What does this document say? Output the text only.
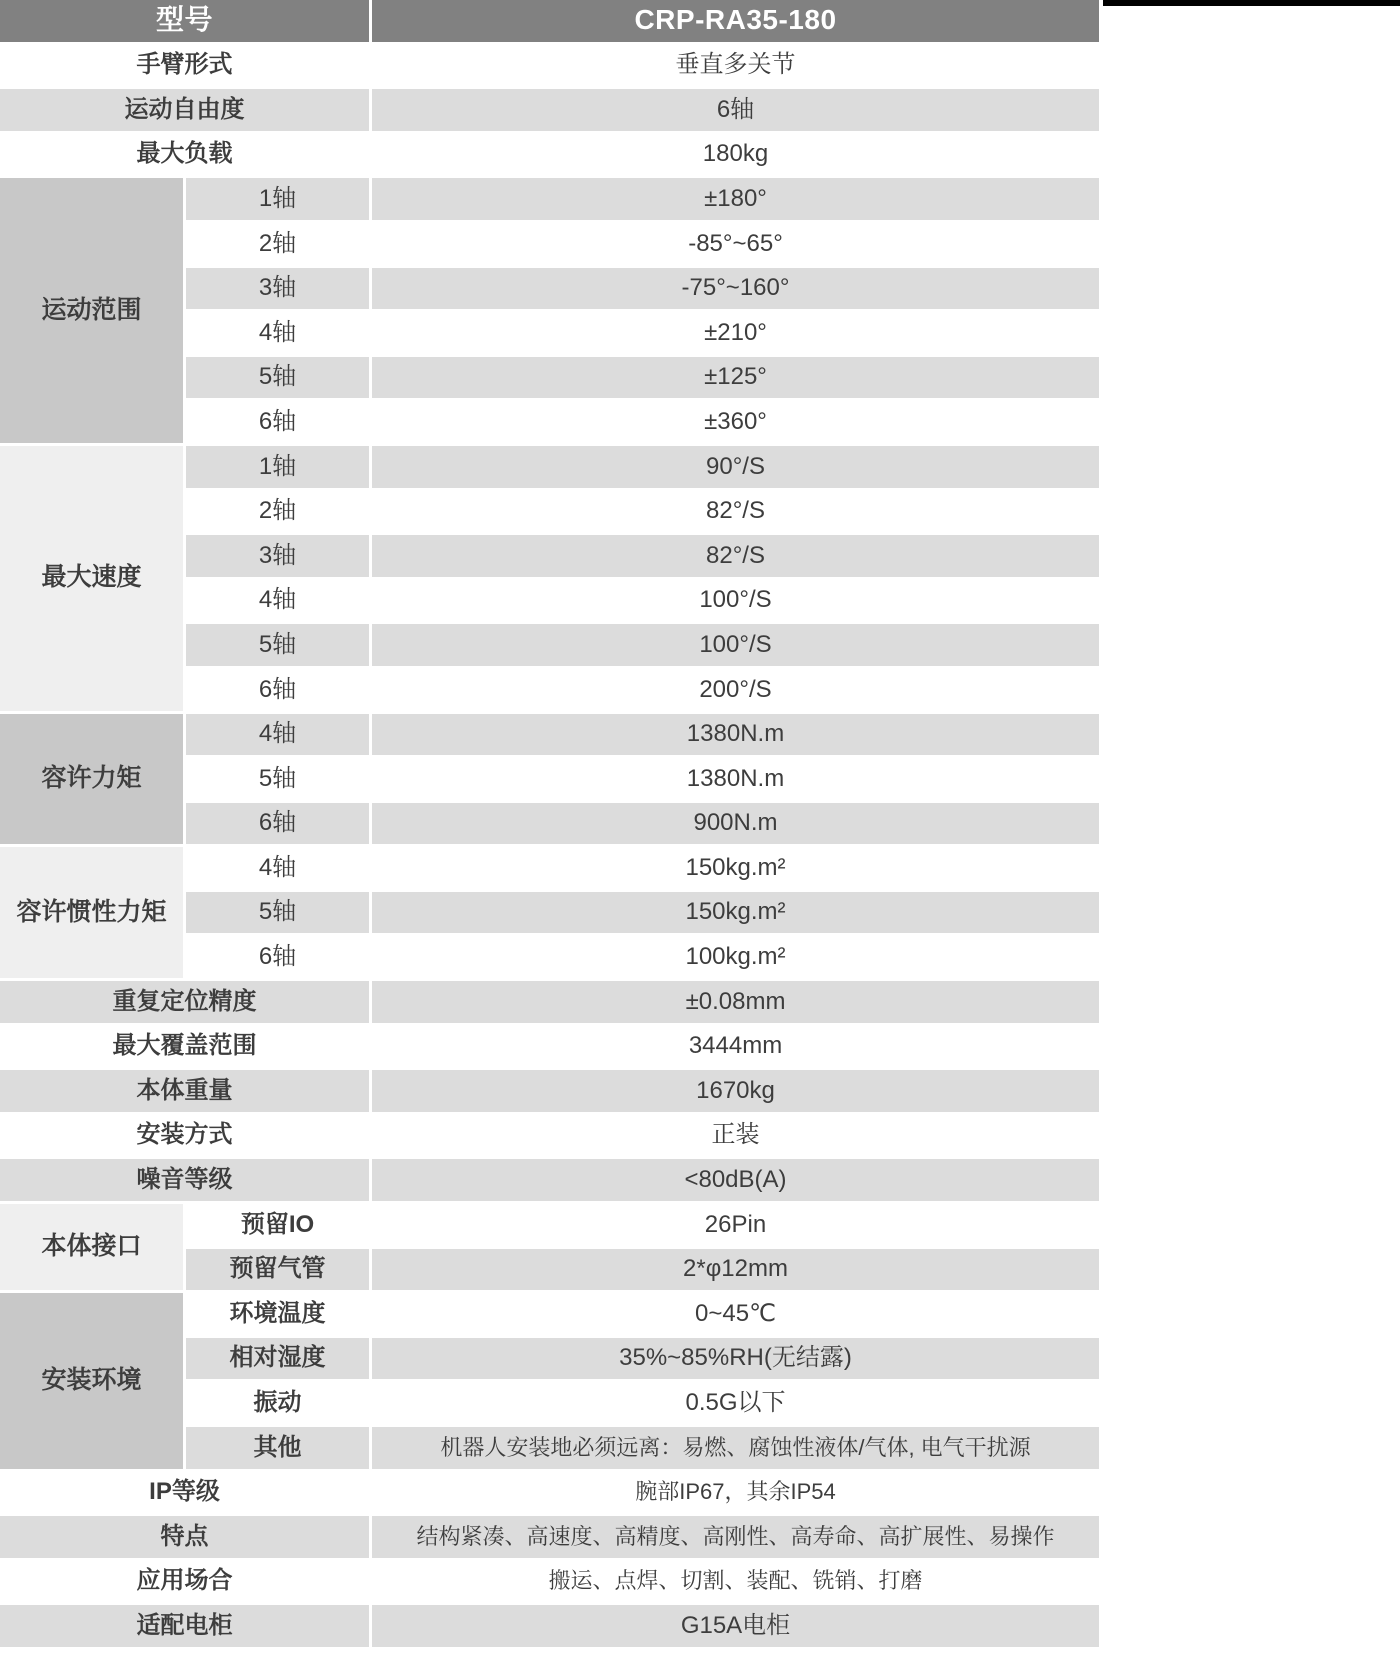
型号		CRP-RA35-180
手臂形式		垂直多关节
运动自由度		6轴
最大负载		180kg
运动范围	1轴	±180°
	2轴	-85°~65°
	3轴	-75°~160°
	4轴	±210°
	5轴	±125°
	6轴	±360°
最大速度	1轴	90°/S
	2轴	82°/S
	3轴	82°/S
	4轴	100°/S
	5轴	100°/S
	6轴	200°/S
容许力矩	4轴	1380N.m
	5轴	1380N.m
	6轴	900N.m
容许惯性力矩	4轴	150kg.m²
	5轴	150kg.m²
	6轴	100kg.m²
重复定位精度		±0.08mm
最大覆盖范围		3444mm
本体重量		1670kg
安装方式		正装
噪音等级		<80dB(A)
本体接口	预留IO	26Pin
	预留气管	2*φ12mm
安装环境	环境温度	0~45℃
	相对湿度	35%~85%RH(无结露)
	振动	0.5G以下
	其他	机器人安装地必须远离：易燃、腐蚀性液体/气体, 电气干扰源
IP等级		腕部IP67，其余IP54
特点		结构紧凑、高速度、高精度、高刚性、高寿命、高扩展性、易操作
应用场合		搬运、点焊、切割、装配、铣销、打磨
适配电柜		G15A电柜
